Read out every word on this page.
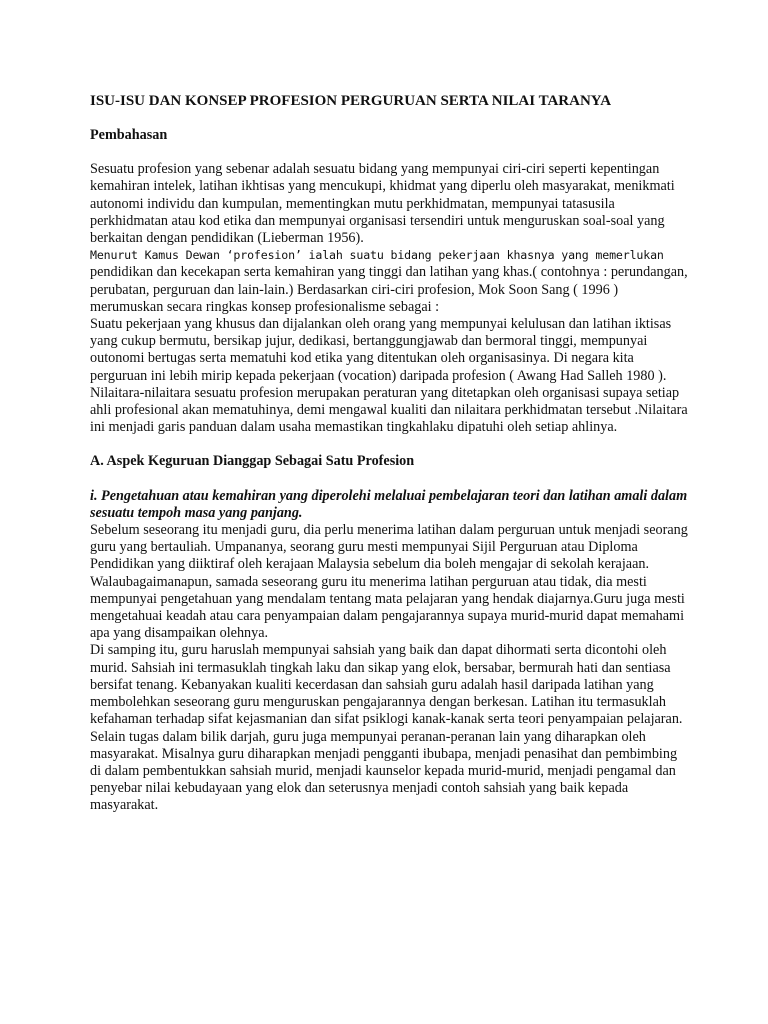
ISU-ISU DAN KONSEP PROFESION PERGURUAN SERTA NILAI TARANYA
Pembahasan

Sesuatu profesion yang sebenar adalah sesuatu bidang yang mempunyai ciri-ciri seperti kepentingan kemahiran intelek, latihan ikhtisas yang mencukupi, khidmat yang diperlu oleh masyarakat, menikmati autonomi individu dan kumpulan, mementingkan mutu perkhidmatan, mempunyai tatasusila perkhidmatan atau kod etika dan mempunyai organisasi tersendiri untuk menguruskan soal-soal yang berkaitan dengan pendidikan (Lieberman 1956).

Menurut Kamus Dewan ‘profesion’ ialah suatu bidang pekerjaan khasnya yang memerlukan pendidikan dan kecekapan serta kemahiran yang tinggi dan latihan yang khas.( contohnya : perundangan, perubatan, perguruan dan lain-lain.) Berdasarkan ciri-ciri profesion, Mok Soon Sang ( 1996 ) merumuskan secara ringkas konsep profesionalisme sebagai :

Suatu pekerjaan yang khusus dan dijalankan oleh orang yang mempunyai kelulusan dan latihan iktisas yang cukup bermutu, bersikap jujur, dedikasi, bertanggungjawab dan bermoral tinggi, mempunyai outonomi bertugas serta mematuhi kod etika yang ditentukan oleh organisasinya. Di negara kita perguruan ini lebih mirip kepada pekerjaan (vocation) daripada profesion ( Awang Had Salleh 1980 ).

Nilaitara-nilaitara sesuatu profesion merupakan peraturan yang ditetapkan oleh organisasi supaya setiap ahli profesional akan mematuhinya, demi mengawal kualiti dan nilaitara perkhidmatan tersebut .Nilaitara ini menjadi garis panduan dalam usaha memastikan tingkahlaku dipatuhi oleh setiap ahlinya.

A. Aspek Keguruan Dianggap Sebagai Satu Profesion
i. Pengetahuan atau kemahiran yang diperolehi melaluai pembelajaran teori dan latihan amali dalam sesuatu tempoh masa yang panjang.

Sebelum seseorang itu menjadi guru, dia perlu menerima latihan dalam perguruan untuk menjadi seorang guru yang bertauliah. Umpananya, seorang guru mesti mempunyai Sijil Perguruan atau Diploma Pendidikan yang diiktiraf oleh kerajaan Malaysia sebelum dia boleh mengajar di sekolah kerajaan. Walaubagaimanapun, samada seseorang guru itu menerima latihan perguruan atau tidak, dia mesti mempunyai pengetahuan yang mendalam tentang mata pelajaran yang hendak diajarnya.Guru juga mesti mengetahuai keadah atau cara penyampaian dalam pengajarannya supaya murid-murid dapat memahami apa yang disampaikan olehnya.

Di samping itu, guru haruslah mempunyai sahsiah yang baik dan dapat dihormati serta dicontohi oleh murid. Sahsiah ini termasuklah tingkah laku dan sikap yang elok, bersabar, bermurah hati dan sentiasa bersifat tenang. Kebanyakan kualiti kecerdasan dan sahsiah guru adalah hasil daripada latihan yang membolehkan seseorang guru menguruskan pengajarannya dengan berkesan. Latihan itu termasuklah kefahaman terhadap sifat kejasmanian dan sifat psiklogi kanak-kanak serta teori penyampaian pelajaran.

Selain tugas dalam bilik darjah, guru juga mempunyai peranan-peranan lain yang diharapkan oleh masyarakat. Misalnya guru diharapkan menjadi pengganti ibubapa, menjadi penasihat dan pembimbing di dalam pembentukkan sahsiah murid, menjadi kaunselor kepada murid-murid, menjadi pengamal dan penyebar nilai kebudayaan yang elok dan seterusnya menjadi contoh sahsiah yang baik kepada masyarakat.
